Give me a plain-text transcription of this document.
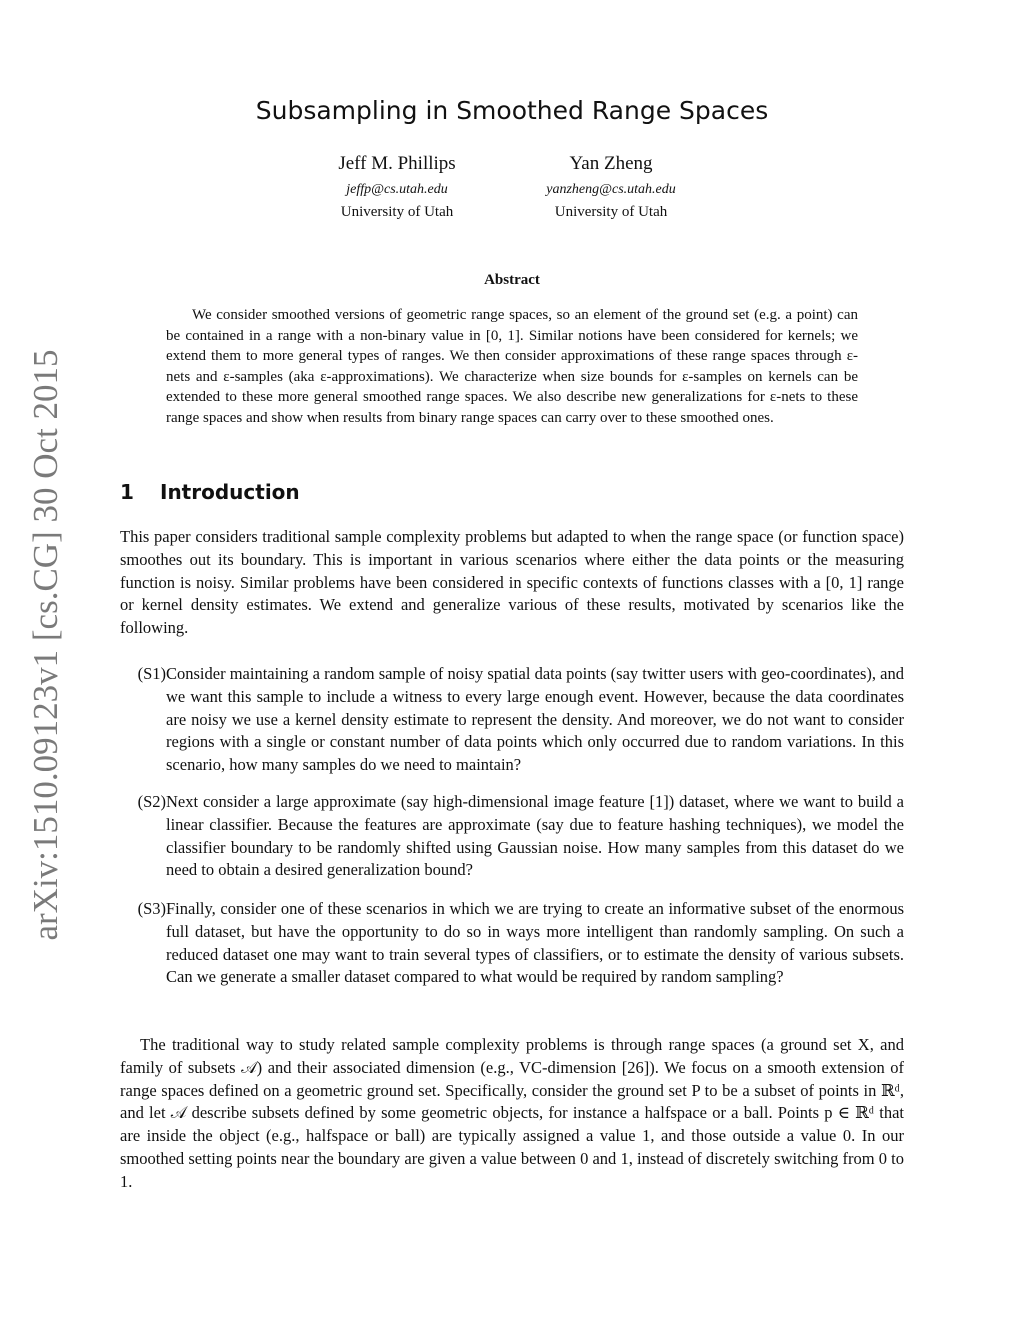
arXiv:1510.09123v1 [cs.CG] 30 Oct 2015
Subsampling in Smoothed Range Spaces
Jeff M. Phillips
jeffp@cs.utah.edu
University of Utah
Yan Zheng
yanzheng@cs.utah.edu
University of Utah
Abstract
We consider smoothed versions of geometric range spaces, so an element of the ground set (e.g. a point) can be contained in a range with a non-binary value in [0, 1]. Similar notions have been considered for kernels; we extend them to more general types of ranges. We then consider approximations of these range spaces through ε-nets and ε-samples (aka ε-approximations). We characterize when size bounds for ε-samples on kernels can be extended to these more general smoothed range spaces. We also describe new generalizations for ε-nets to these range spaces and show when results from binary range spaces can carry over to these smoothed ones.
1 Introduction
This paper considers traditional sample complexity problems but adapted to when the range space (or function space) smoothes out its boundary. This is important in various scenarios where either the data points or the measuring function is noisy. Similar problems have been considered in specific contexts of functions classes with a [0, 1] range or kernel density estimates. We extend and generalize various of these results, motivated by scenarios like the following.
(S1) Consider maintaining a random sample of noisy spatial data points (say twitter users with geo-coordinates), and we want this sample to include a witness to every large enough event. However, because the data coordinates are noisy we use a kernel density estimate to represent the density. And moreover, we do not want to consider regions with a single or constant number of data points which only occurred due to random variations. In this scenario, how many samples do we need to maintain?
(S2) Next consider a large approximate (say high-dimensional image feature [1]) dataset, where we want to build a linear classifier. Because the features are approximate (say due to feature hashing techniques), we model the classifier boundary to be randomly shifted using Gaussian noise. How many samples from this dataset do we need to obtain a desired generalization bound?
(S3) Finally, consider one of these scenarios in which we are trying to create an informative subset of the enormous full dataset, but have the opportunity to do so in ways more intelligent than randomly sampling. On such a reduced dataset one may want to train several types of classifiers, or to estimate the density of various subsets. Can we generate a smaller dataset compared to what would be required by random sampling?
The traditional way to study related sample complexity problems is through range spaces (a ground set X, and family of subsets 𝒜) and their associated dimension (e.g., VC-dimension [26]). We focus on a smooth extension of range spaces defined on a geometric ground set. Specifically, consider the ground set P to be a subset of points in ℝᵈ, and let 𝒜 describe subsets defined by some geometric objects, for instance a halfspace or a ball. Points p ∈ ℝᵈ that are inside the object (e.g., halfspace or ball) are typically assigned a value 1, and those outside a value 0. In our smoothed setting points near the boundary are given a value between 0 and 1, instead of discretely switching from 0 to 1.
